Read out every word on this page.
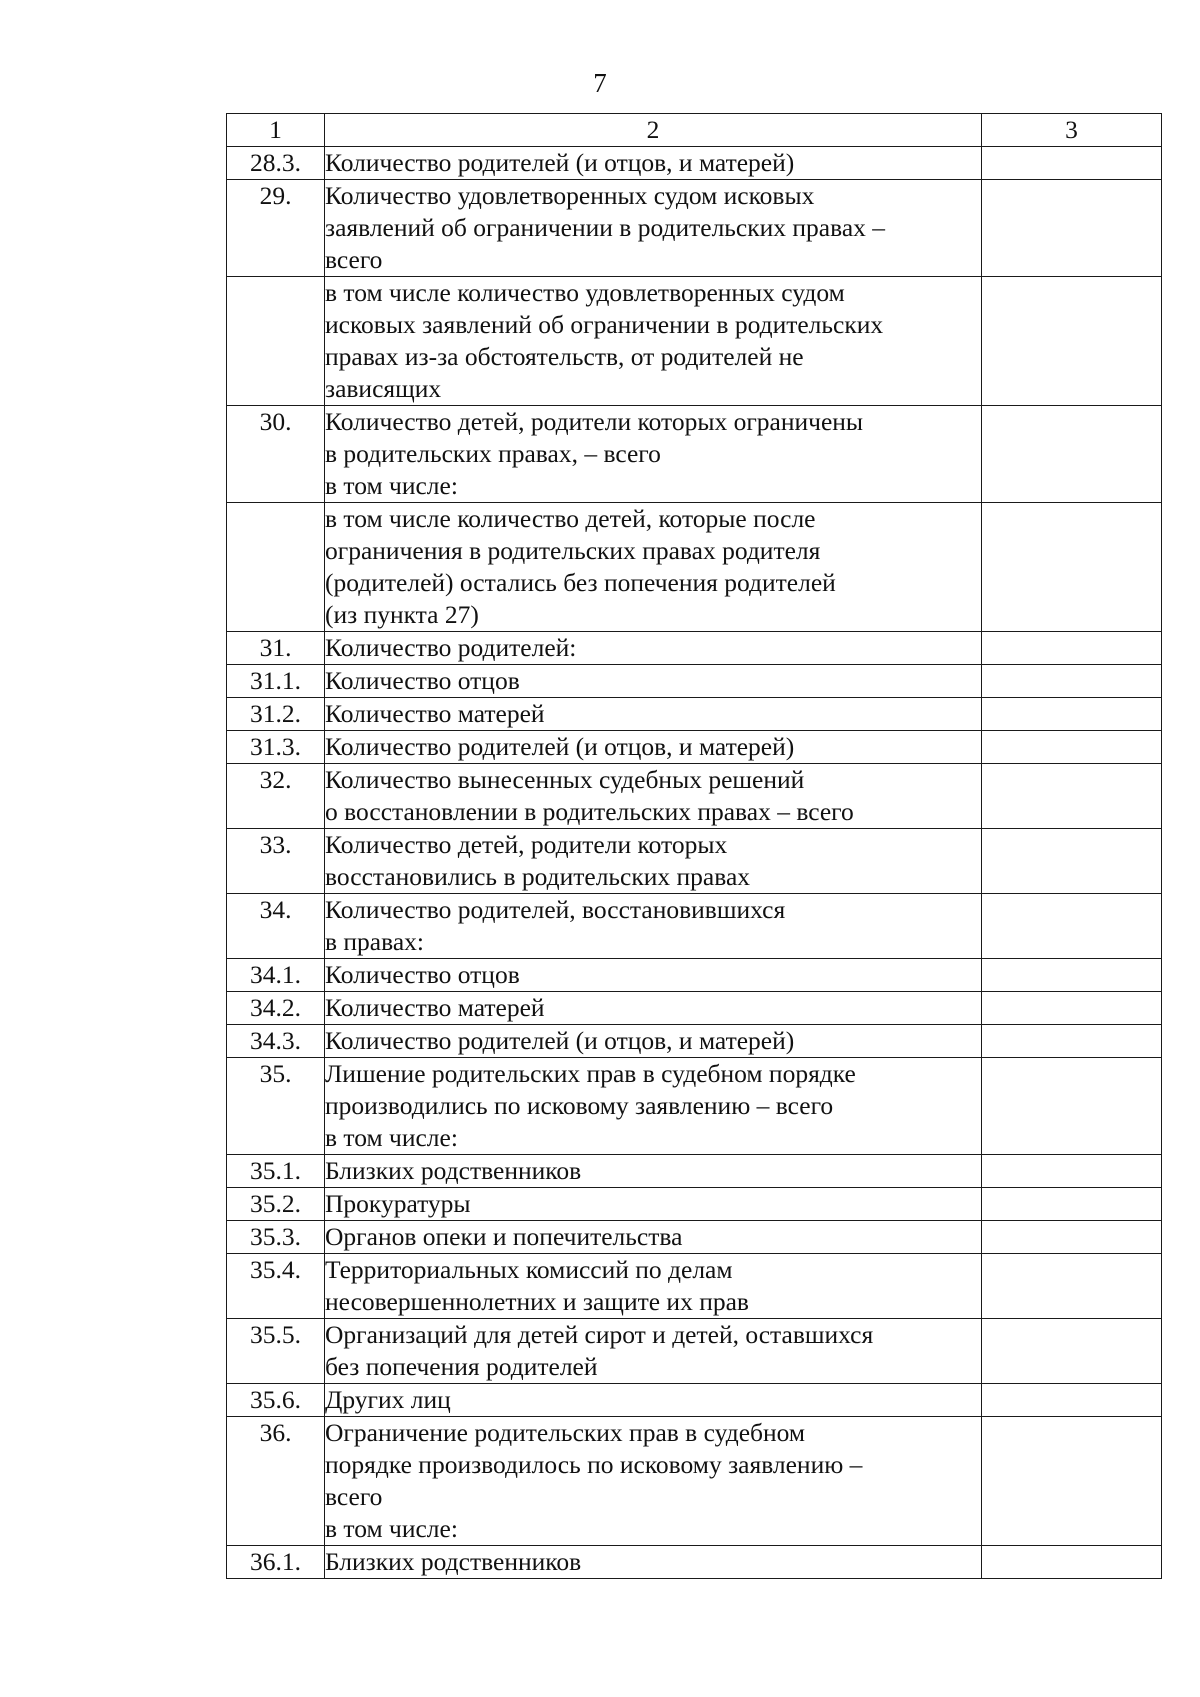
7
1	2	3
28.3.	Количество родителей (и отцов, и матерей)	

29.	Количество удовлетворенных судом исковых
заявлений об ограничении в родительских правах –
всего	

	в том числе количество удовлетворенных судом
исковых заявлений об ограничении в родительских
правах из-за обстоятельств, от родителей не
зависящих	

30.	Количество детей, родители которых ограничены
в родительских правах, – всего
в том числе:	

	в том числе количество детей, которые после
ограничения в родительских правах родителя
(родителей) остались без попечения родителей
(из пункта 27)	

31.	Количество родителей:	

31.1.	Количество отцов	

31.2.	Количество матерей	

31.3.	Количество родителей (и отцов, и матерей)	

32.	Количество вынесенных судебных решений
о восстановлении в родительских правах – всего	

33.	Количество детей, родители которых
восстановились в родительских правах	

34.	Количество родителей, восстановившихся
в правах:	

34.1.	Количество отцов	

34.2.	Количество матерей	

34.3.	Количество родителей (и отцов, и матерей)	

35.	Лишение родительских прав в судебном порядке
производились по исковому заявлению – всего
в том числе:	

35.1.	Близких родственников	

35.2.	Прокуратуры	

35.3.	Органов опеки и попечительства	

35.4.	Территориальных комиссий по делам
несовершеннолетних и защите их прав	

35.5.	Организаций для детей сирот и детей, оставшихся
без попечения родителей	

35.6.	Других лиц	

36.	Ограничение родительских прав в судебном
порядке производилось по исковому заявлению –
всего
в том числе:	

36.1.	Близких родственников	
